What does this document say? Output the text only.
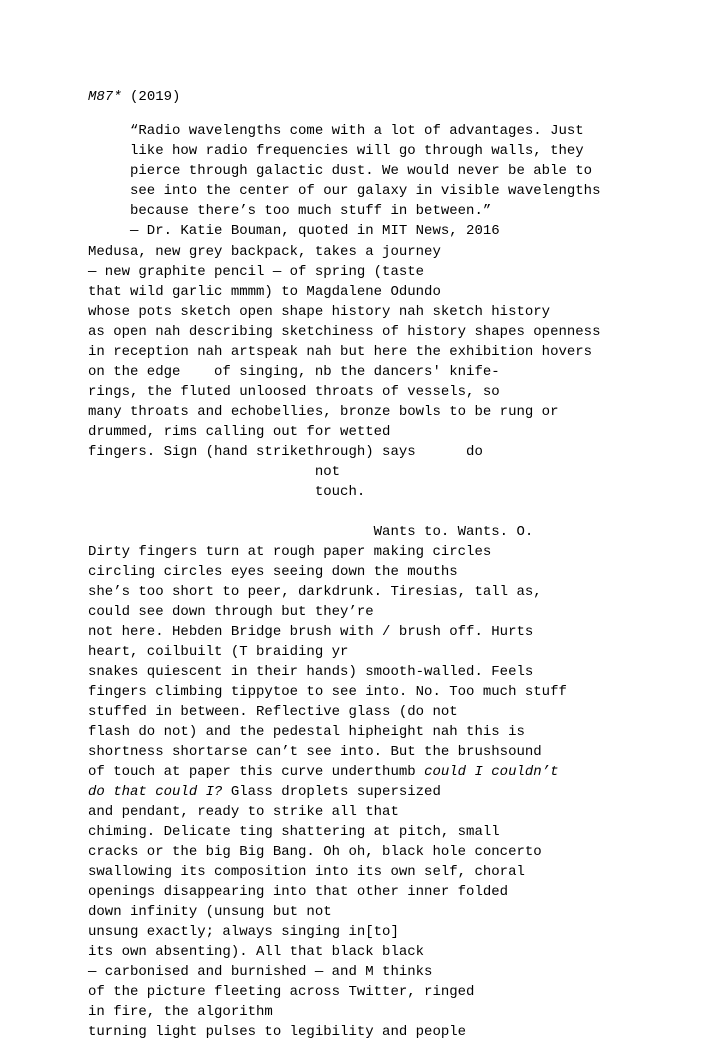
M87* (2019)
“Radio wavelengths come with a lot of advantages. Just
like how radio frequencies will go through walls, they
pierce through galactic dust. We would never be able to
see into the center of our galaxy in visible wavelengths
because there’s too much stuff in between.”
— Dr. Katie Bouman, quoted in MIT News, 2016
Medusa, new grey backpack, takes a journey
— new graphite pencil — of spring (taste
that wild garlic mmmm) to Magdalene Odundo
whose pots sketch open shape history nah sketch history
as open nah describing sketchiness of history shapes openness
in reception nah artspeak nah but here the exhibition hovers
on the edge    of singing, nb the dancers' knife-
rings, the fluted unloosed throats of vessels, so
many throats and echobellies, bronze bowls to be rung or
drummed, rims calling out for wetted
fingers. Sign (hand strikethrough) says      do
not
touch.
Wants to. Wants. O.
Dirty fingers turn at rough paper making circles
circling circles eyes seeing down the mouths
she’s too short to peer, darkdrunk. Tiresias, tall as,
could see down through but they’re
not here. Hebden Bridge brush with / brush off. Hurts
heart, coilbuilt (T braiding yr
snakes quiescent in their hands) smooth-walled. Feels
fingers climbing tippytoe to see into. No. Too much stuff
stuffed in between. Reflective glass (do not
flash do not) and the pedestal hipheight nah this is
shortness shortarse can’t see into. But the brushsound
of touch at paper this curve underthumb could I couldn’t
do that could I? Glass droplets supersized
and pendant, ready to strike all that
chiming. Delicate ting shattering at pitch, small
cracks or the big Big Bang. Oh oh, black hole concerto
swallowing its composition into its own self, choral
openings disappearing into that other inner folded
down infinity (unsung but not
unsung exactly; always singing in[to]
its own absenting). All that black black
— carbonised and burnished — and M thinks
of the picture fleeting across Twitter, ringed
in fire, the algorithm
turning light pulses to legibility and people
